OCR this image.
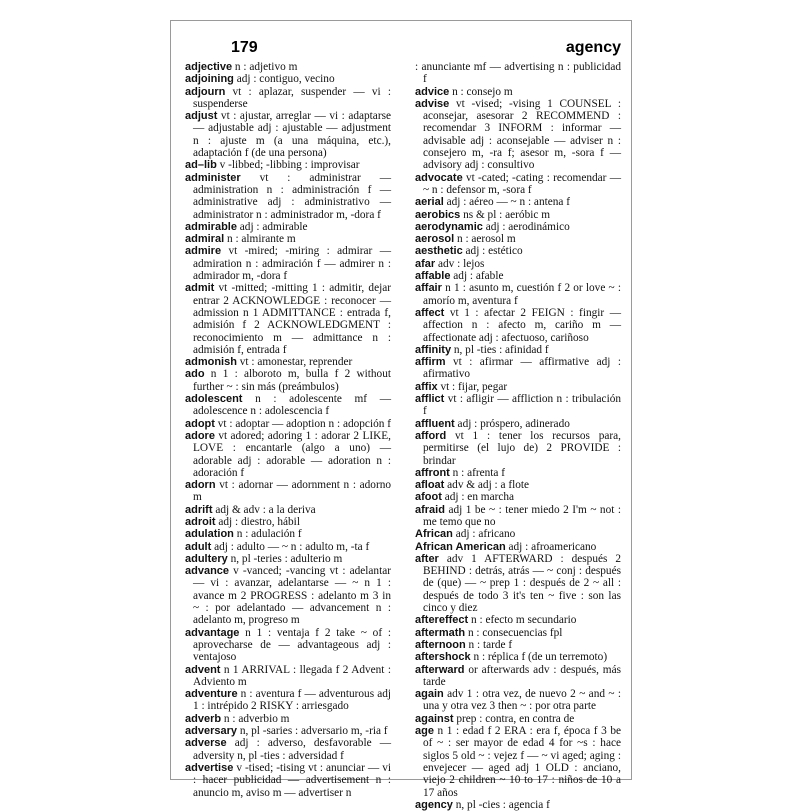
179	agency

adjective n : adjetivo m

adjoining adj : contiguo, vecino

adjourn vt : aplazar, suspender — vi : suspenderse

adjust vt : ajustar, arreglar — vi : adaptarse — adjustable adj : ajustable — adjustment n : ajuste m (a una máquina, etc.), adaptación f (de una persona)

ad–lib v -libbed; -libbing : improvisar

administer vt : administrar — administration n : administración f — administrative adj : administrativo — administrator n : administrador m, -dora f

admirable adj : admirable

admiral n : almirante m

admire vt -mired; -miring : admirar — admiration n : admiración f — admirer n : admirador m, -dora f

admit vt -mitted; -mitting 1 : admitir, dejar entrar 2 ACKNOWLEDGE : reconocer — admission n 1 ADMITTANCE : entrada f, admisión f 2 ACKNOWLEDGMENT : reconocimiento m — admittance n : admisión f, entrada f

admonish vt : amonestar, reprender

ado n 1 : alboroto m, bulla f 2 without further ~ : sin más (preámbulos)

adolescent n : adolescente mf — adolescence n : adolescencia f

adopt vt : adoptar — adoption n : adopción f

adore vt adored; adoring 1 : adorar 2 LIKE, LOVE : encantarle (algo a uno) — adorable adj : adorable — adoration n : adoración f

adorn vt : adornar — adornment n : adorno m

adrift adj & adv : a la deriva

adroit adj : diestro, hábil

adulation n : adulación f

adult adj : adulto — ~ n : adulto m, -ta f

adultery n, pl -teries : adulterio m

advance v -vanced; -vancing vt : adelantar — vi : avanzar, adelantarse — ~ n 1 : avance m 2 PROGRESS : adelanto m 3 in ~ : por adelantado — advancement n : adelanto m, progreso m

advantage n 1 : ventaja f 2 take ~ of : aprovecharse de — advantageous adj : ventajoso

advent n 1 ARRIVAL : llegada f 2 Advent : Adviento m

adventure n : aventura f — adventurous adj 1 : intrépido 2 RISKY : arriesgado

adverb n : adverbio m

adversary n, pl -saries : adversario m, -ria f

adverse adj : adverso, desfavorable — adversity n, pl -ties : adversidad f

advertise v -tised; -tising vt : anunciar — vi : hacer publicidad — advertisement n : anuncio m, aviso m — advertiser n

: anunciante mf — advertising n : publicidad f

advice n : consejo m

advise vt -vised; -vising 1 COUNSEL : aconsejar, asesorar 2 RECOMMEND : recomendar 3 INFORM : informar — advisable adj : aconsejable — adviser n : consejero m, -ra f; asesor m, -sora f — advisory adj : consultivo

advocate vt -cated; -cating : recomendar — ~ n : defensor m, -sora f

aerial adj : aéreo — ~ n : antena f

aerobics ns & pl : aeróbic m

aerodynamic adj : aerodinámico

aerosol n : aerosol m

aesthetic adj : estético

afar adv : lejos

affable adj : afable

affair n 1 : asunto m, cuestión f 2 or love ~ : amorío m, aventura f

affect vt 1 : afectar 2 FEIGN : fingir — affection n : afecto m, cariño m — affectionate adj : afectuoso, cariñoso

affinity n, pl -ties : afinidad f

affirm vt : afirmar — affirmative adj : afirmativo

affix vt : fijar, pegar

afflict vt : afligir — affliction n : tribulación f

affluent adj : próspero, adinerado

afford vt 1 : tener los recursos para, permitirse (el lujo de) 2 PROVIDE : brindar

affront n : afrenta f

afloat adv & adj : a flote

afoot adj : en marcha

afraid adj 1 be ~ : tener miedo 2 I'm ~ not : me temo que no

African adj : africano

African American adj : afroamericano

after adv 1 AFTERWARD : después 2 BEHIND : detrás, atrás — ~ conj : después de (que) — ~ prep 1 : después de 2 ~ all : después de todo 3 it's ten ~ five : son las cinco y diez

aftereffect n : efecto m secundario

aftermath n : consecuencias fpl

afternoon n : tarde f

aftershock n : réplica f (de un terremoto)

afterward or afterwards adv : después, más tarde

again adv 1 : otra vez, de nuevo 2 ~ and ~ : una y otra vez 3 then ~ : por otra parte

against prep : contra, en contra de

age n 1 : edad f 2 ERA : era f, época f 3 be of ~ : ser mayor de edad 4 for ~s : hace siglos 5 old ~ : vejez f — ~ vi aged; aging : envejecer — aged adj 1 OLD : anciano, viejo 2 children ~ 10 to 17 : niños de 10 a 17 años

agency n, pl -cies : agencia f
